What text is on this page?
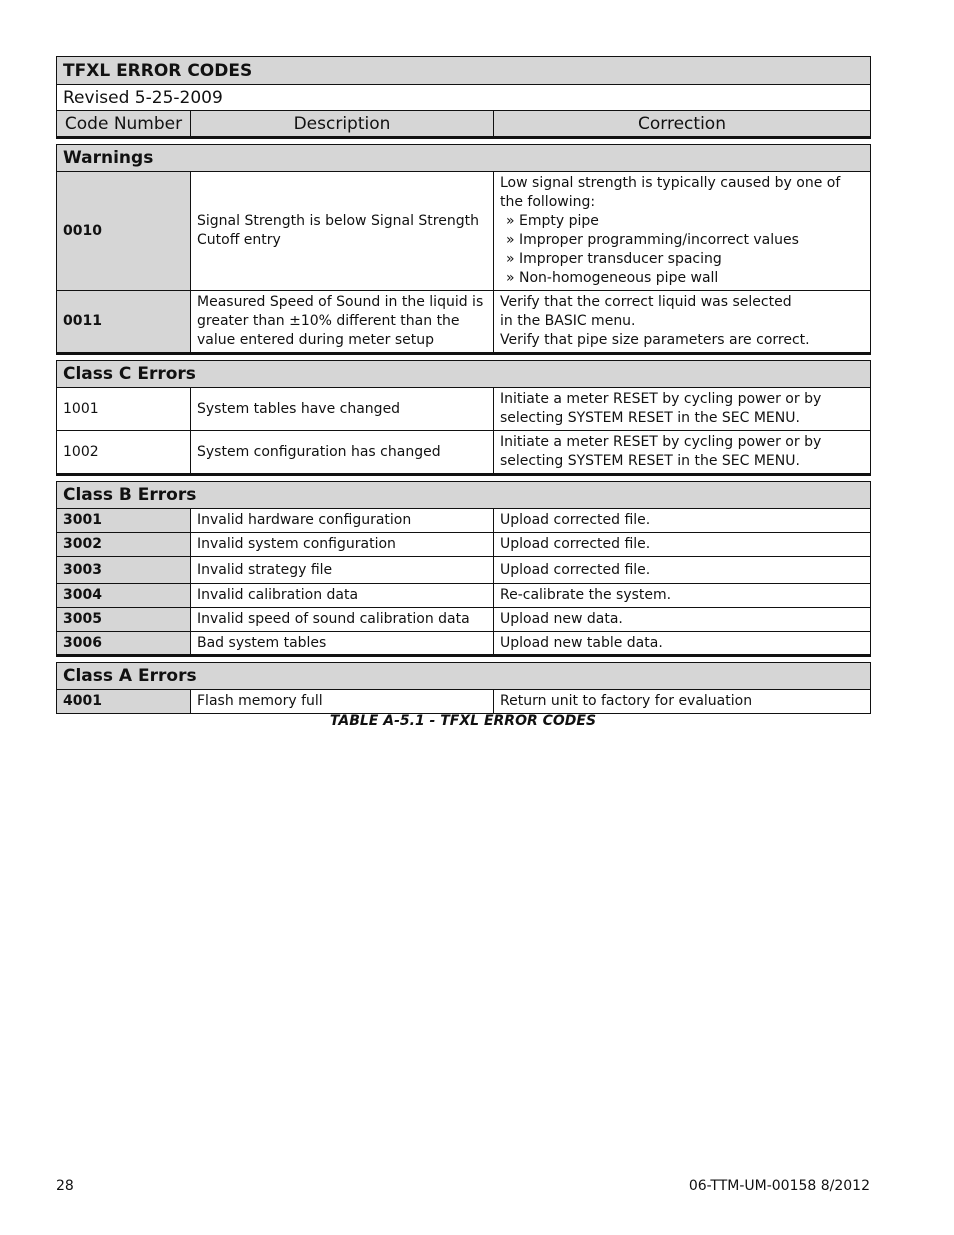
TFXL ERROR CODES		
Revised 5-25-2009		
Code Number	Description	Correction

Warnings		
0010	Signal Strength is below Signal Strength Cutoff entry	Low signal strength is typically caused by one of the following:
» Empty pipe
» Improper programming/incorrect values
» Improper transducer spacing
» Non-homogeneous pipe wall

0011	Measured Speed of Sound in the liquid is greater than ±10% different than the value entered during meter setup	Verify that the correct liquid was selected
in the BASIC menu.
Verify that pipe size parameters are correct.

Class C Errors		
1001	System tables have changed	Initiate a meter RESET by cycling power or by selecting SYSTEM RESET in the SEC MENU.
1002	System configuration has changed	Initiate a meter RESET by cycling power or by selecting SYSTEM RESET in the SEC MENU.

Class B Errors		
3001	Invalid hardware configuration	Upload corrected file.
3002	Invalid system configuration	Upload corrected file.
3003	Invalid strategy file	Upload corrected file.
3004	Invalid calibration data	Re-calibrate the system.
3005	Invalid speed of sound calibration data	Upload new data.
3006	Bad system tables	Upload new table data.

Class A Errors		
4001	Flash memory full	Return unit to factory for evaluation
TABLE A-5.1 - TFXL ERROR CODES
28	06-TTM-UM-00158 8/2012
